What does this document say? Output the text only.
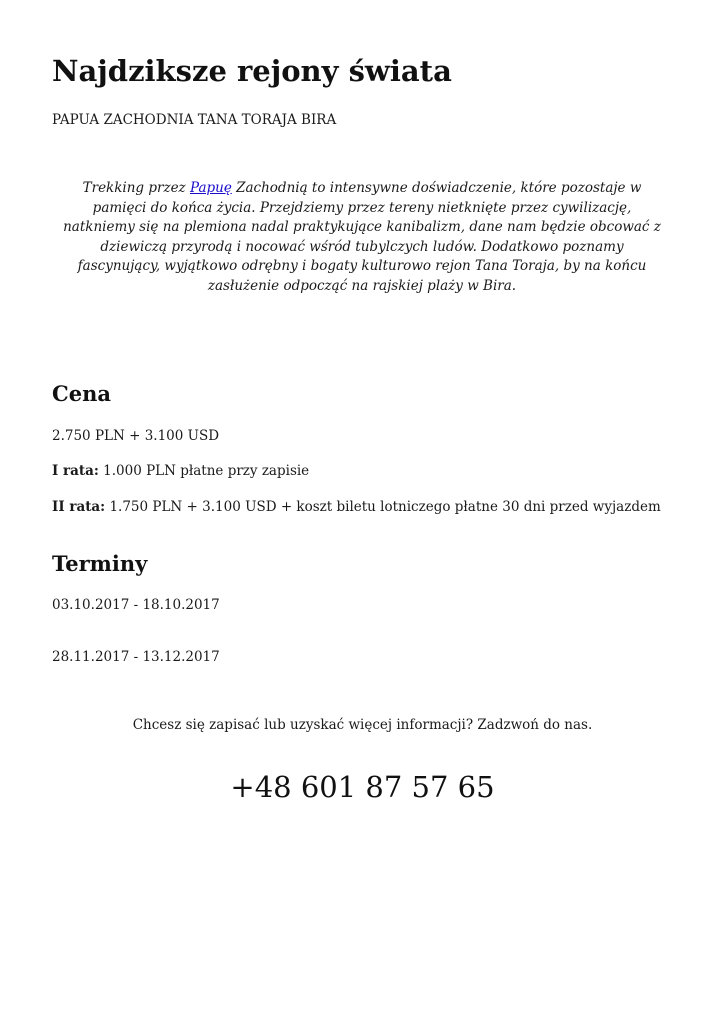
Najdziksze rejony świata

PAPUA ZACHODNIA TANA TORAJA BIRA

Trekking przez Papuę Zachodnią to intensywne doświadczenie, które pozostaje w pamięci do końca życia. Przejdziemy przez tereny nietknięte przez cywilizację, natkniemy się na plemiona nadal praktykujące kanibalizm, dane nam będzie obcować z dziewiczą przyrodą i nocować wśród tubylczych ludów. Dodatkowo poznamy fascynujący, wyjątkowo odrębny i bogaty kulturowo rejon Tana Toraja, by na końcu zasłużenie odpocząć na rajskiej plaży w Bira.

Cena

2.750 PLN + 3.100 USD

I rata: 1.000 PLN płatne przy zapisie

II rata: 1.750 PLN + 3.100 USD + koszt biletu lotniczego płatne 30 dni przed wyjazdem

Terminy

03.10.2017 - 18.10.2017

28.11.2017 - 13.12.2017

Chcesz się zapisać lub uzyskać więcej informacji? Zadzwoń do nas.

+48 601 87 57 65
